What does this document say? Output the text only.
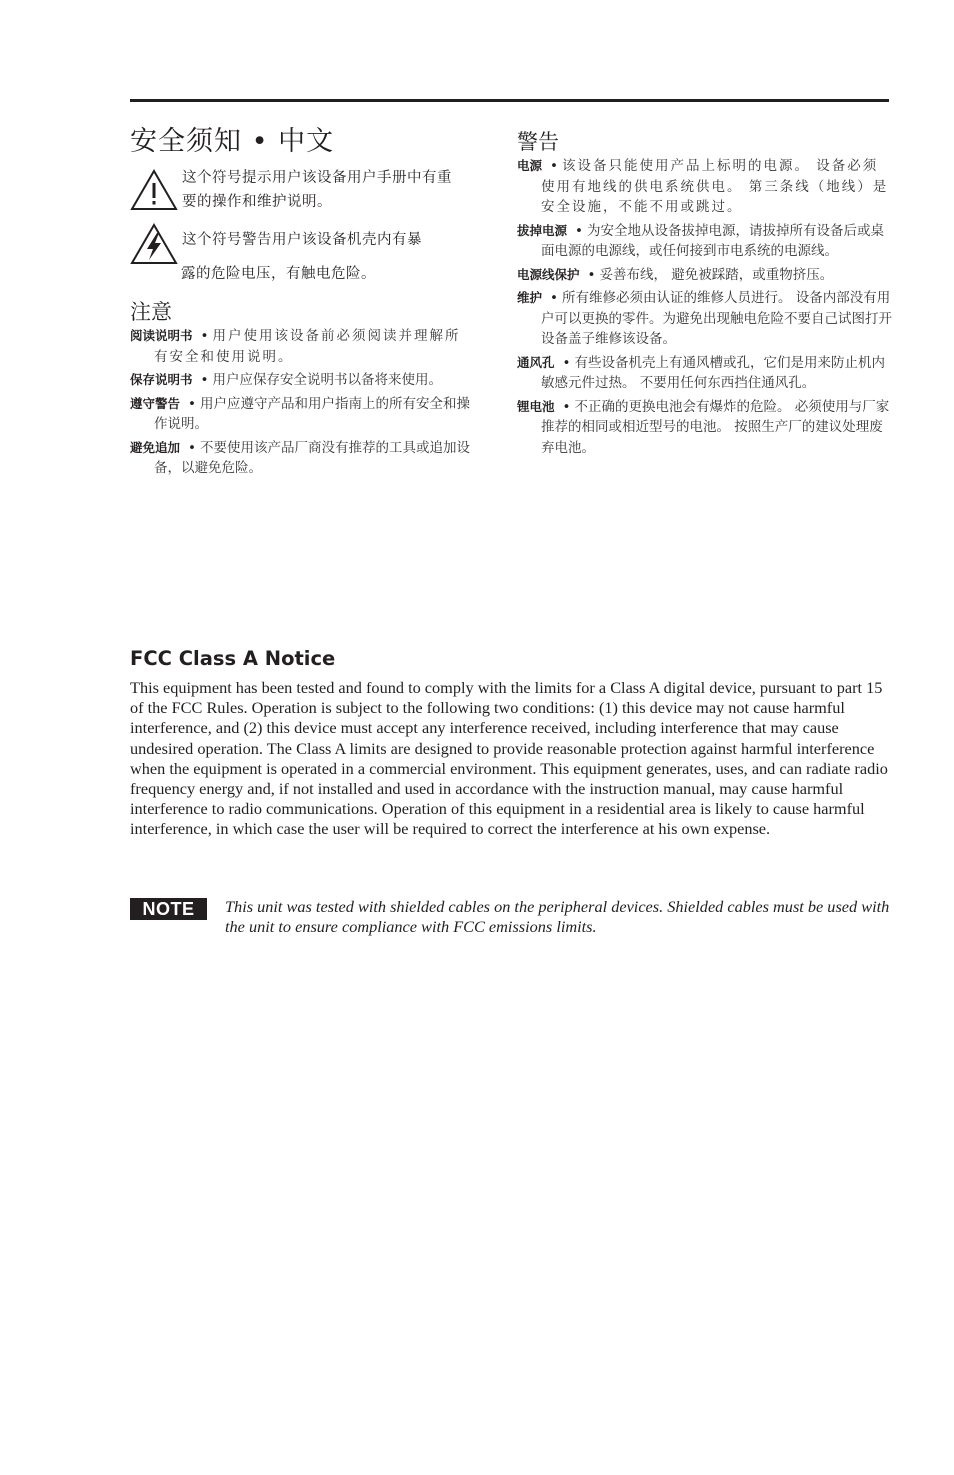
安全须知 • 中文
这个符号提示用户该设备用户手册中有重要的操作和维护说明。
这个符号警告用户该设备机壳内有暴
露的危险电压，有触电危险。
注意

阅读说明书 • 用户使用该设备前必须阅读并理解所有安全和使用说明。

保存说明书 • 用户应保存安全说明书以备将来使用。

遵守警告 • 用户应遵守产品和用户指南上的所有安全和操作说明。

避免追加 • 不要使用该产品厂商没有推荐的工具或追加设备，以避免危险。

警告

电源 • 该设备只能使用产品上标明的电源。 设备必须使用有地线的供电系统供电。 第三条线（地线）是安全设施，不能不用或跳过。

拔掉电源 • 为安全地从设备拔掉电源，请拔掉所有设备后或桌面电源的电源线，或任何接到市电系统的电源线。

电源线保护 • 妥善布线， 避免被踩踏，或重物挤压。

维护 • 所有维修必须由认证的维修人员进行。 设备内部没有用户可以更换的零件。为避免出现触电危险不要自己试图打开设备盖子维修该设备。

通风孔 • 有些设备机壳上有通风槽或孔，它们是用来防止机内敏感元件过热。 不要用任何东西挡住通风孔。

锂电池 • 不正确的更换电池会有爆炸的危险。 必须使用与厂家推荐的相同或相近型号的电池。 按照生产厂的建议处理废弃电池。

FCC Class A Notice

This equipment has been tested and found to comply with the limits for a Class A digital device, pursuant to part 15 of the FCC Rules. Operation is subject to the following two conditions: (1) this device may not cause harmful interference, and (2) this device must accept any interference received, including interference that may cause undesired operation. The Class A limits are designed to provide reasonable protection against harmful interference when the equipment is operated in a commercial environment. This equipment generates, uses, and can radiate radio frequency energy and, if not installed and used in accordance with the instruction manual, may cause harmful interference to radio communications. Operation of this equipment in a residential area is likely to cause harmful interference, in which case the user will be required to correct the interference at his own expense.

NOTE	This unit was tested with shielded cables on the peripheral devices. Shielded cables must be used with the unit to ensure compliance with FCC emissions limits.
